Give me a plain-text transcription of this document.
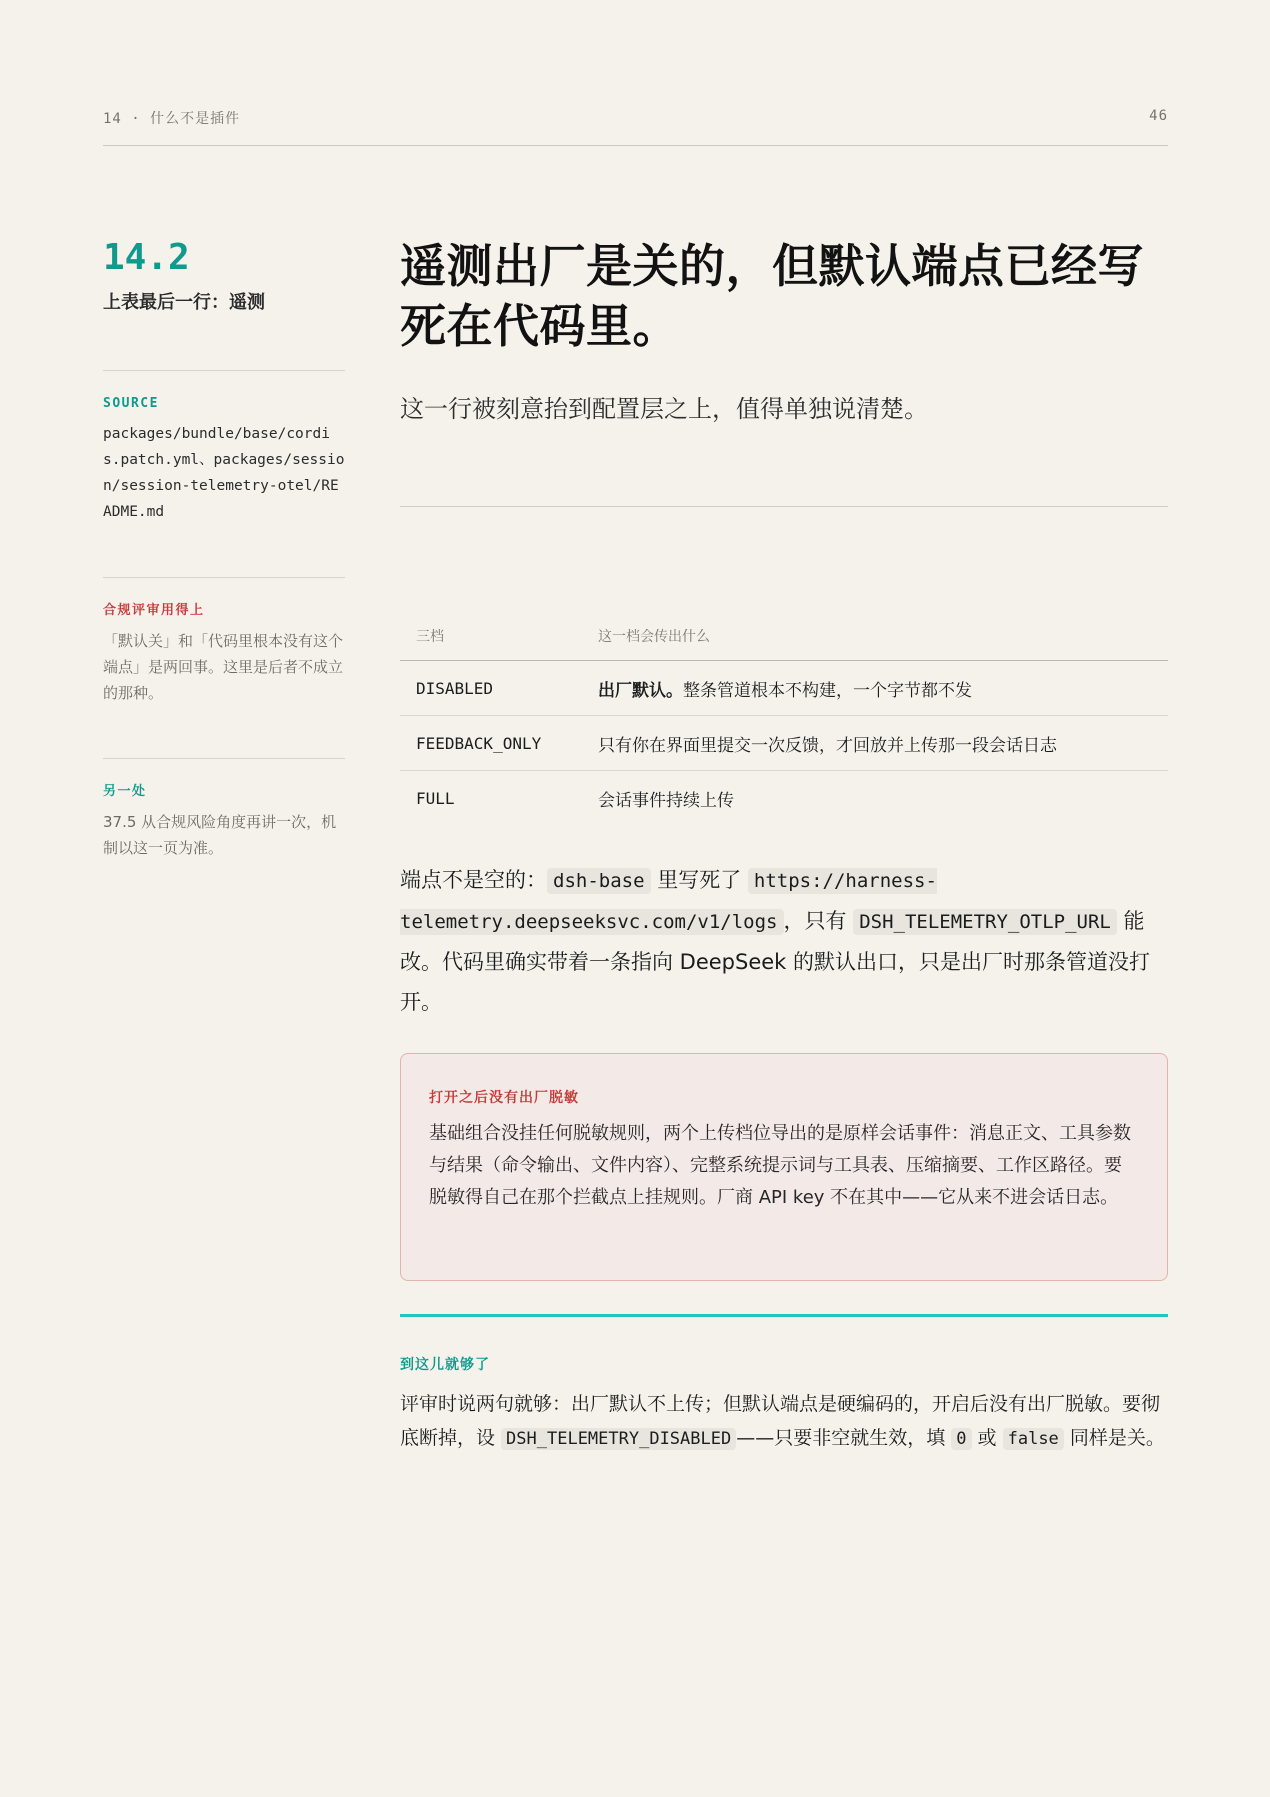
14 · 什么不是插件	46
14.2
上表最后一行：遥测
SOURCE
packages/bundle/base/cordis.patch.yml、packages/session/session-telemetry-otel/README.md
合规评审用得上
「默认关」和「代码里根本没有这个端点」是两回事。这里是后者不成立的那种。
另一处
37.5 从合规风险角度再讲一次，机制以这一页为准。
遥测出厂是关的，但默认端点已经写死在代码里。

这一行被刻意抬到配置层之上，值得单独说清楚。

三档	这一档会传出什么
DISABLED	出厂默认。整条管道根本不构建，一个字节都不发
FEEDBACK_ONLY	只有你在界面里提交一次反馈，才回放并上传那一段会话日志
FULL	会话事件持续上传

端点不是空的： dsh-base 里写死了 https://harness-telemetry.deepseeksvc.com/v1/logs ，只有 DSH_TELEMETRY_OTLP_URL 能改。代码里确实带着一条指向 DeepSeek 的默认出口，只是出厂时那条管道没打开。

打开之后没有出厂脱敏
基础组合没挂任何脱敏规则，两个上传档位导出的是原样会话事件：消息正文、工具参数与结果（命令输出、文件内容）、完整系统提示词与工具表、压缩摘要、工作区路径。要脱敏得自己在那个拦截点上挂规则。厂商 API key 不在其中——它从来不进会话日志。
到这儿就够了

评审时说两句就够：出厂默认不上传；但默认端点是硬编码的，开启后没有出厂脱敏。要彻底断掉，设 DSH_TELEMETRY_DISABLED ——只要非空就生效，填 0 或 false 同样是关。
